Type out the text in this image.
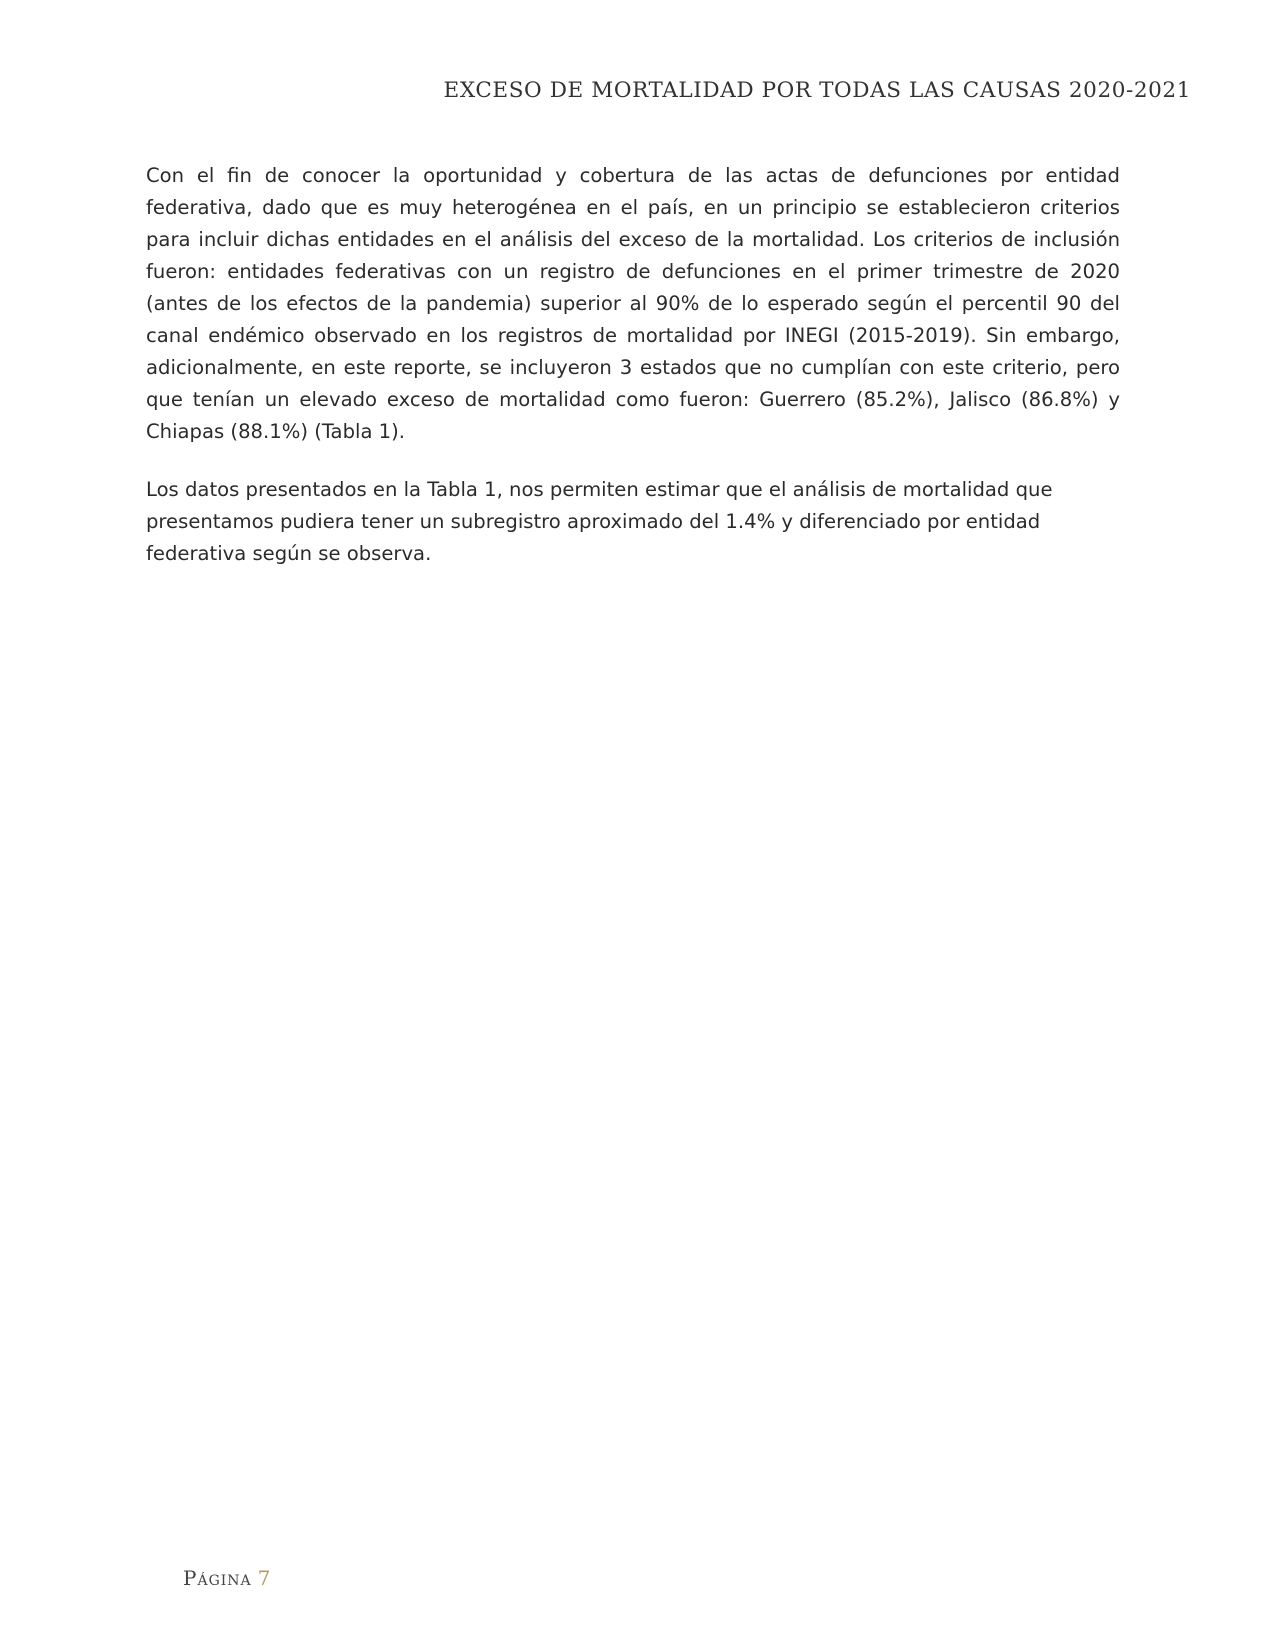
EXCESO DE MORTALIDAD POR TODAS LAS CAUSAS 2020-2021

Con el fin de conocer la oportunidad y cobertura de las actas de defunciones por entidad federativa, dado que es muy heterogénea en el país, en un principio se establecieron criterios para incluir dichas entidades en el análisis del exceso de la mortalidad. Los criterios de inclusión fueron: entidades federativas con un registro de defunciones en el primer trimestre de 2020 (antes de los efectos de la pandemia) superior al 90% de lo esperado según el percentil 90 del canal endémico observado en los registros de mortalidad por INEGI (2015-2019). Sin embargo, adicionalmente, en este reporte, se incluyeron 3 estados que no cumplían con este criterio, pero que tenían un elevado exceso de mortalidad como fueron: Guerrero (85.2%), Jalisco (86.8%) y Chiapas (88.1%) (Tabla 1).

Los datos presentados en la Tabla 1, nos permiten estimar que el análisis de mortalidad que presentamos pudiera tener un subregistro aproximado del 1.4% y diferenciado por entidad federativa según se observa.

Página 7
